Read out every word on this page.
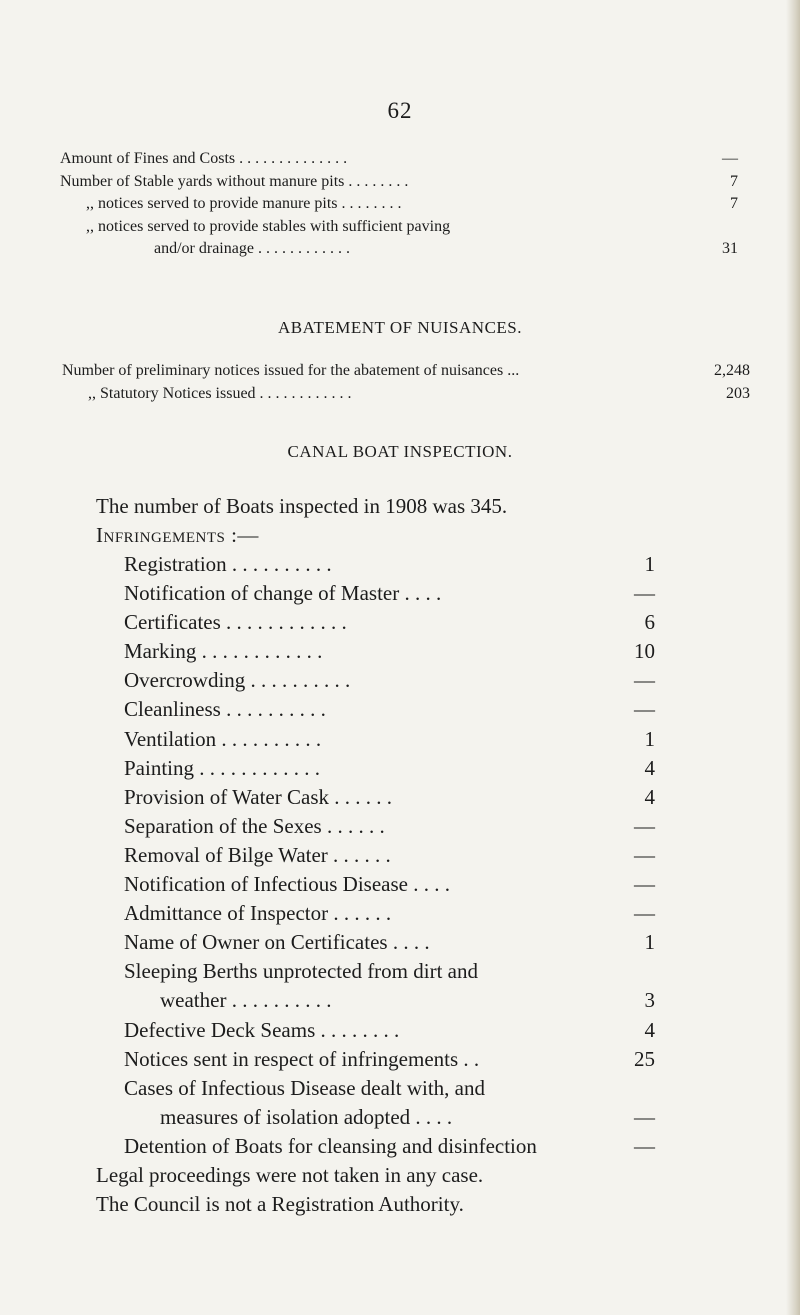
62
Amount of Fines and Costs . . . . . . . . . . . . . .	—
Number of Stable yards without manure pits . . . . . . . .	7
,, notices served to provide manure pits . . . . . . . .	7
,, notices served to provide stables with sufficient paving
and/or drainage . . . . . . . . . . . .	31
ABATEMENT OF NUISANCES.
Number of preliminary notices issued for the abatement of nuisances ...	2,248
,, Statutory Notices issued . . . . . . . . . . . .	203
CANAL BOAT INSPECTION.
The number of Boats inspected in 1908 was 345.
Infringements :—
Registration . . . . . . . . . .	1
Notification of change of Master . . . .	—
Certificates . . . . . . . . . . . .	6
Marking . . . . . . . . . . . .	10
Overcrowding . . . . . . . . . .	—
Cleanliness . . . . . . . . . .	—
Ventilation . . . . . . . . . .	1
Painting . . . . . . . . . . . .	4
Provision of Water Cask . . . . . .	4
Separation of the Sexes . . . . . .	—
Removal of Bilge Water . . . . . .	—
Notification of Infectious Disease . . . .	—
Admittance of Inspector . . . . . .	—
Name of Owner on Certificates . . . .	1
Sleeping Berths unprotected from dirt and
weather . . . . . . . . . .	3
Defective Deck Seams . . . . . . . .	4
Notices sent in respect of infringements . .	25
Cases of Infectious Disease dealt with, and
measures of isolation adopted . . . .	—
Detention of Boats for cleansing and disinfection	—
Legal proceedings were not taken in any case.
The Council is not a Registration Authority.
